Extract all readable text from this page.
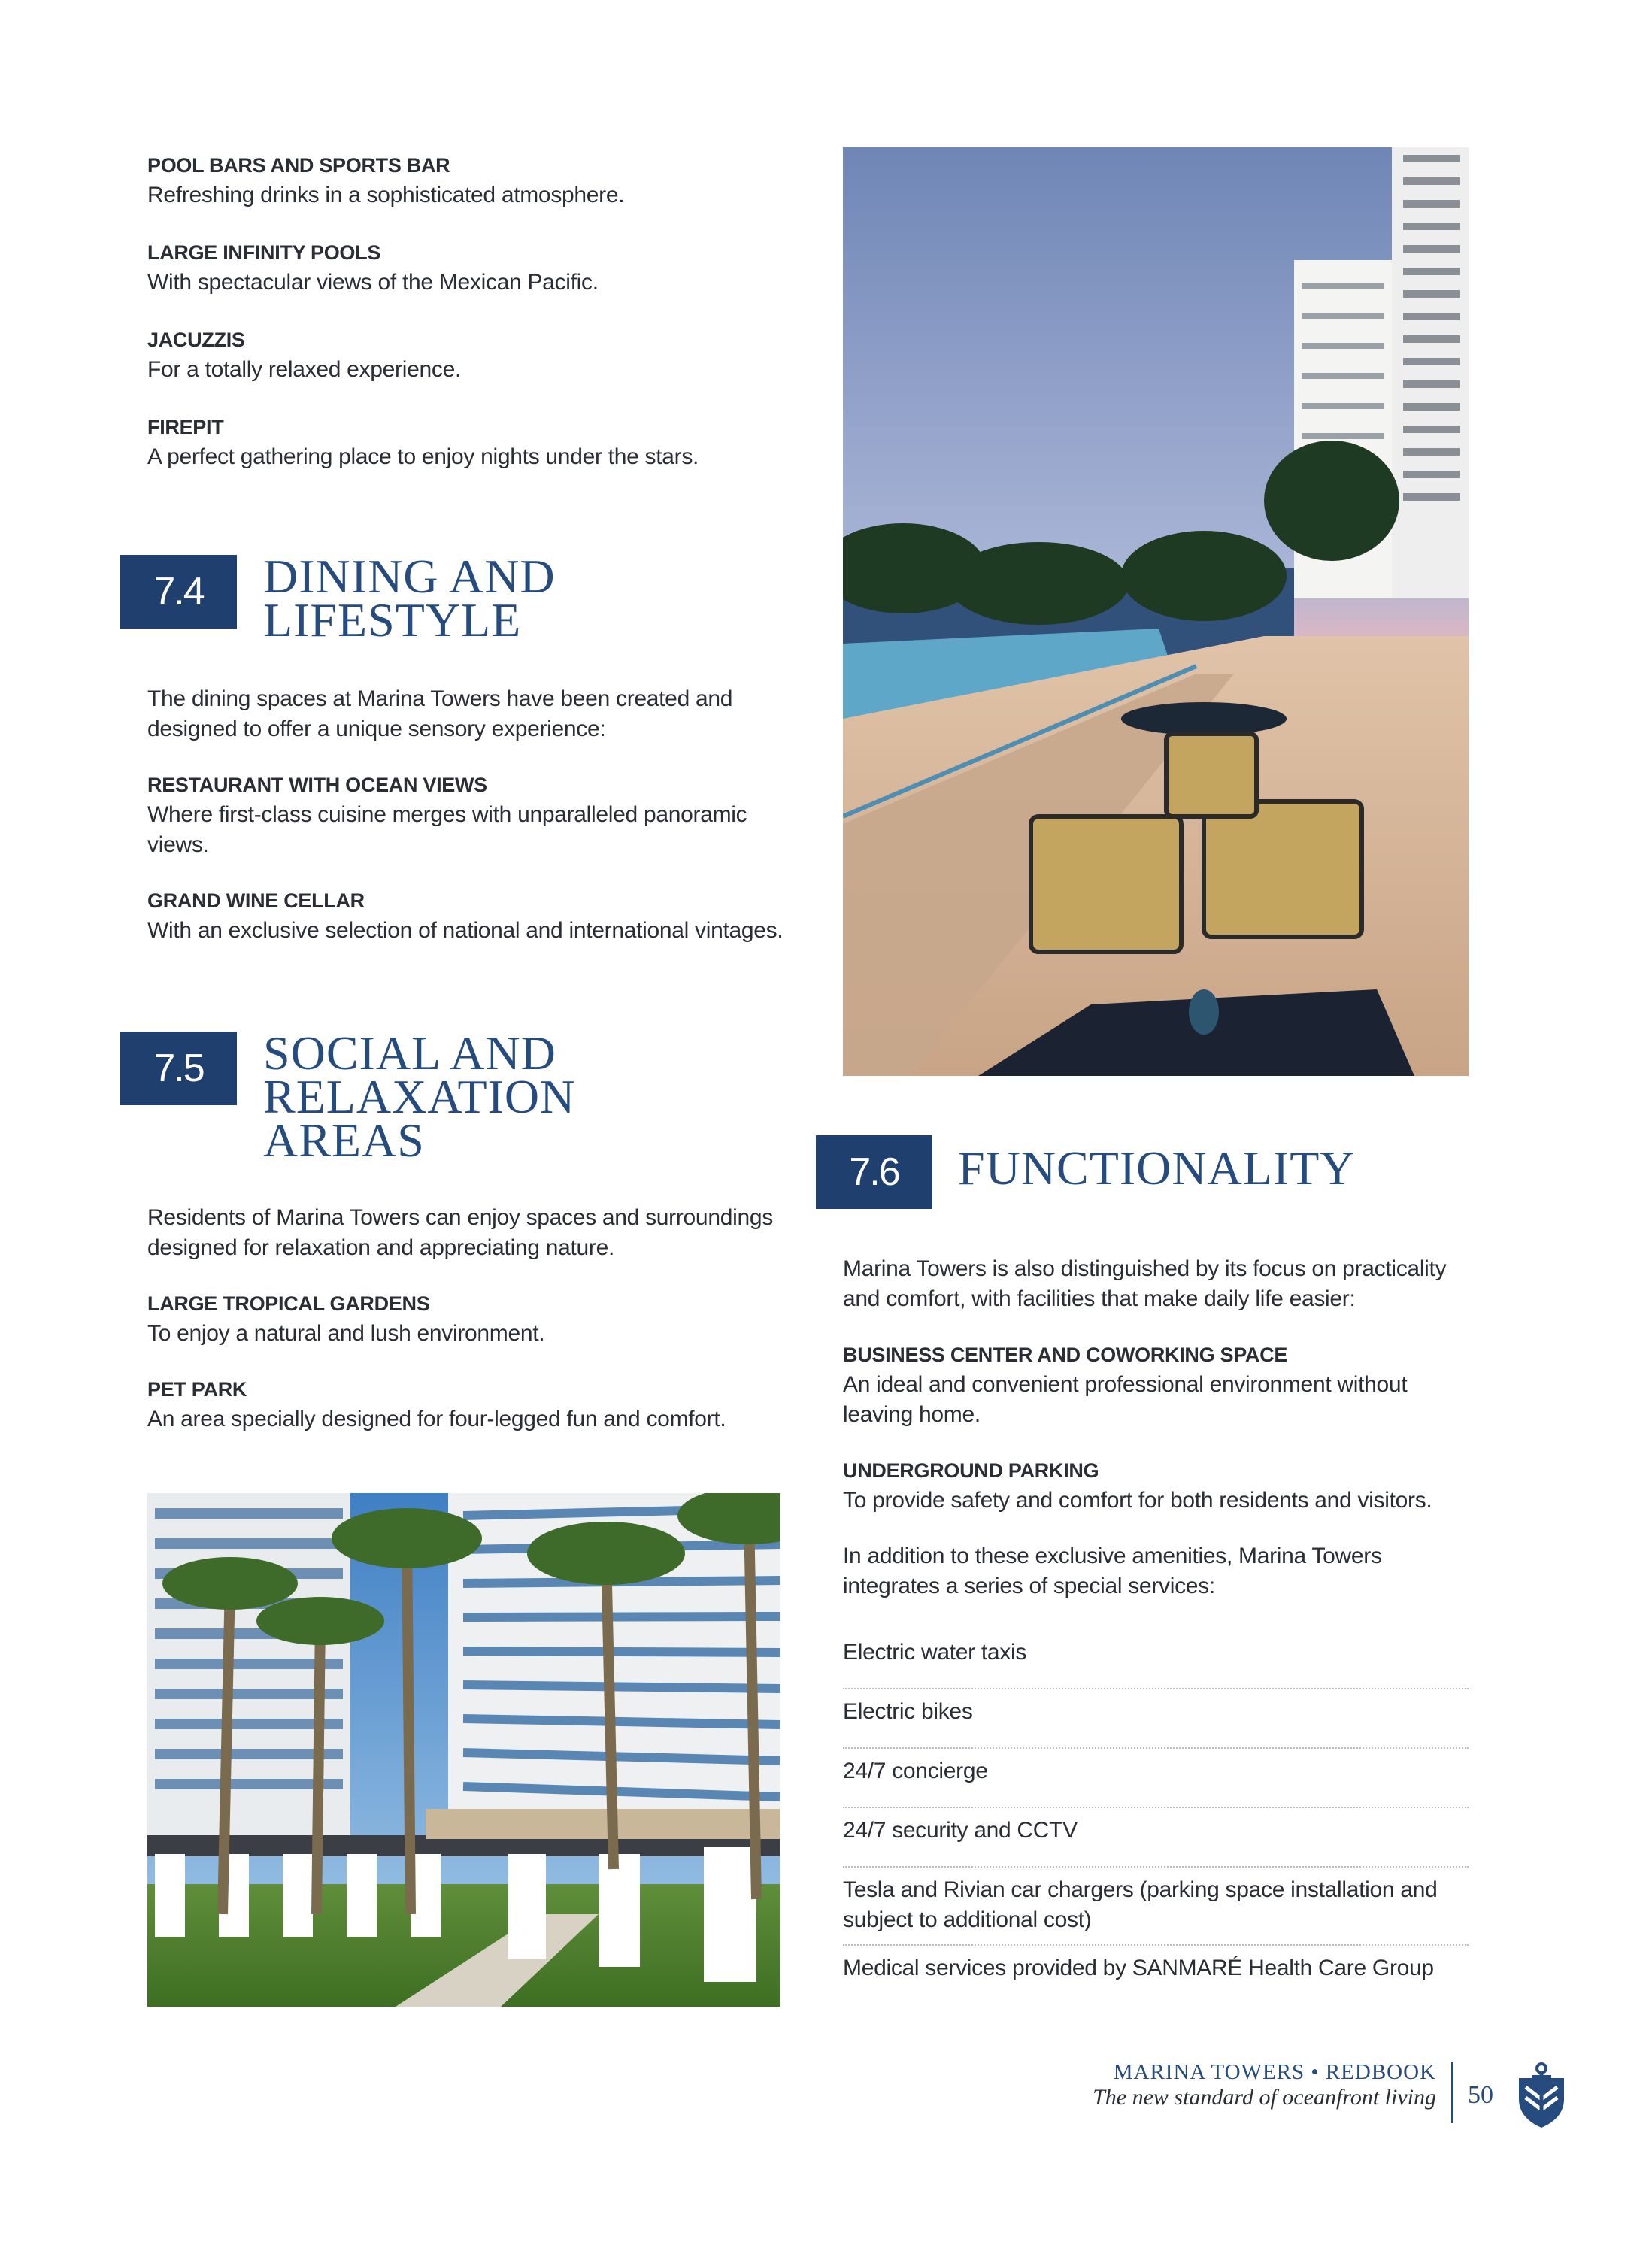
POOL BARS AND SPORTS BAR
Refreshing drinks in a sophisticated atmosphere.
LARGE INFINITY POOLS
With spectacular views of the Mexican Pacific.
JACUZZIS
For a totally relaxed experience.
FIREPIT
A perfect gathering place to enjoy nights under the stars.
7.4	DINING AND
LIFESTYLE
The dining spaces at Marina Towers have been created and designed to offer a unique sensory experience:
RESTAURANT WITH OCEAN VIEWS
Where first-class cuisine merges with unparalleled panoramic views.
GRAND WINE CELLAR
With an exclusive selection of national and international vintages.
7.5	SOCIAL AND
RELAXATION
AREAS
Residents of Marina Towers can enjoy spaces and surroundings designed for relaxation and appreciating nature.
LARGE TROPICAL GARDENS
To enjoy a natural and lush environment.
PET PARK
An area specially designed for four-legged fun and comfort.
7.6	FUNCTIONALITY
Marina Towers is also distinguished by its focus on practicality and comfort, with facilities that make daily life easier:
BUSINESS CENTER AND COWORKING SPACE
An ideal and convenient professional environment without leaving home.
UNDERGROUND PARKING
To provide safety and comfort for both residents and visitors.
In addition to these exclusive amenities, Marina Towers integrates a series of special services:
Electric water taxis
Electric bikes
24/7 concierge
24/7 security and CCTV
Tesla and Rivian car chargers (parking space installation and subject to additional cost)
Medical services provided by SANMARÉ Health Care Group
MARINA TOWERS • REDBOOK
The new standard of oceanfront living 50
